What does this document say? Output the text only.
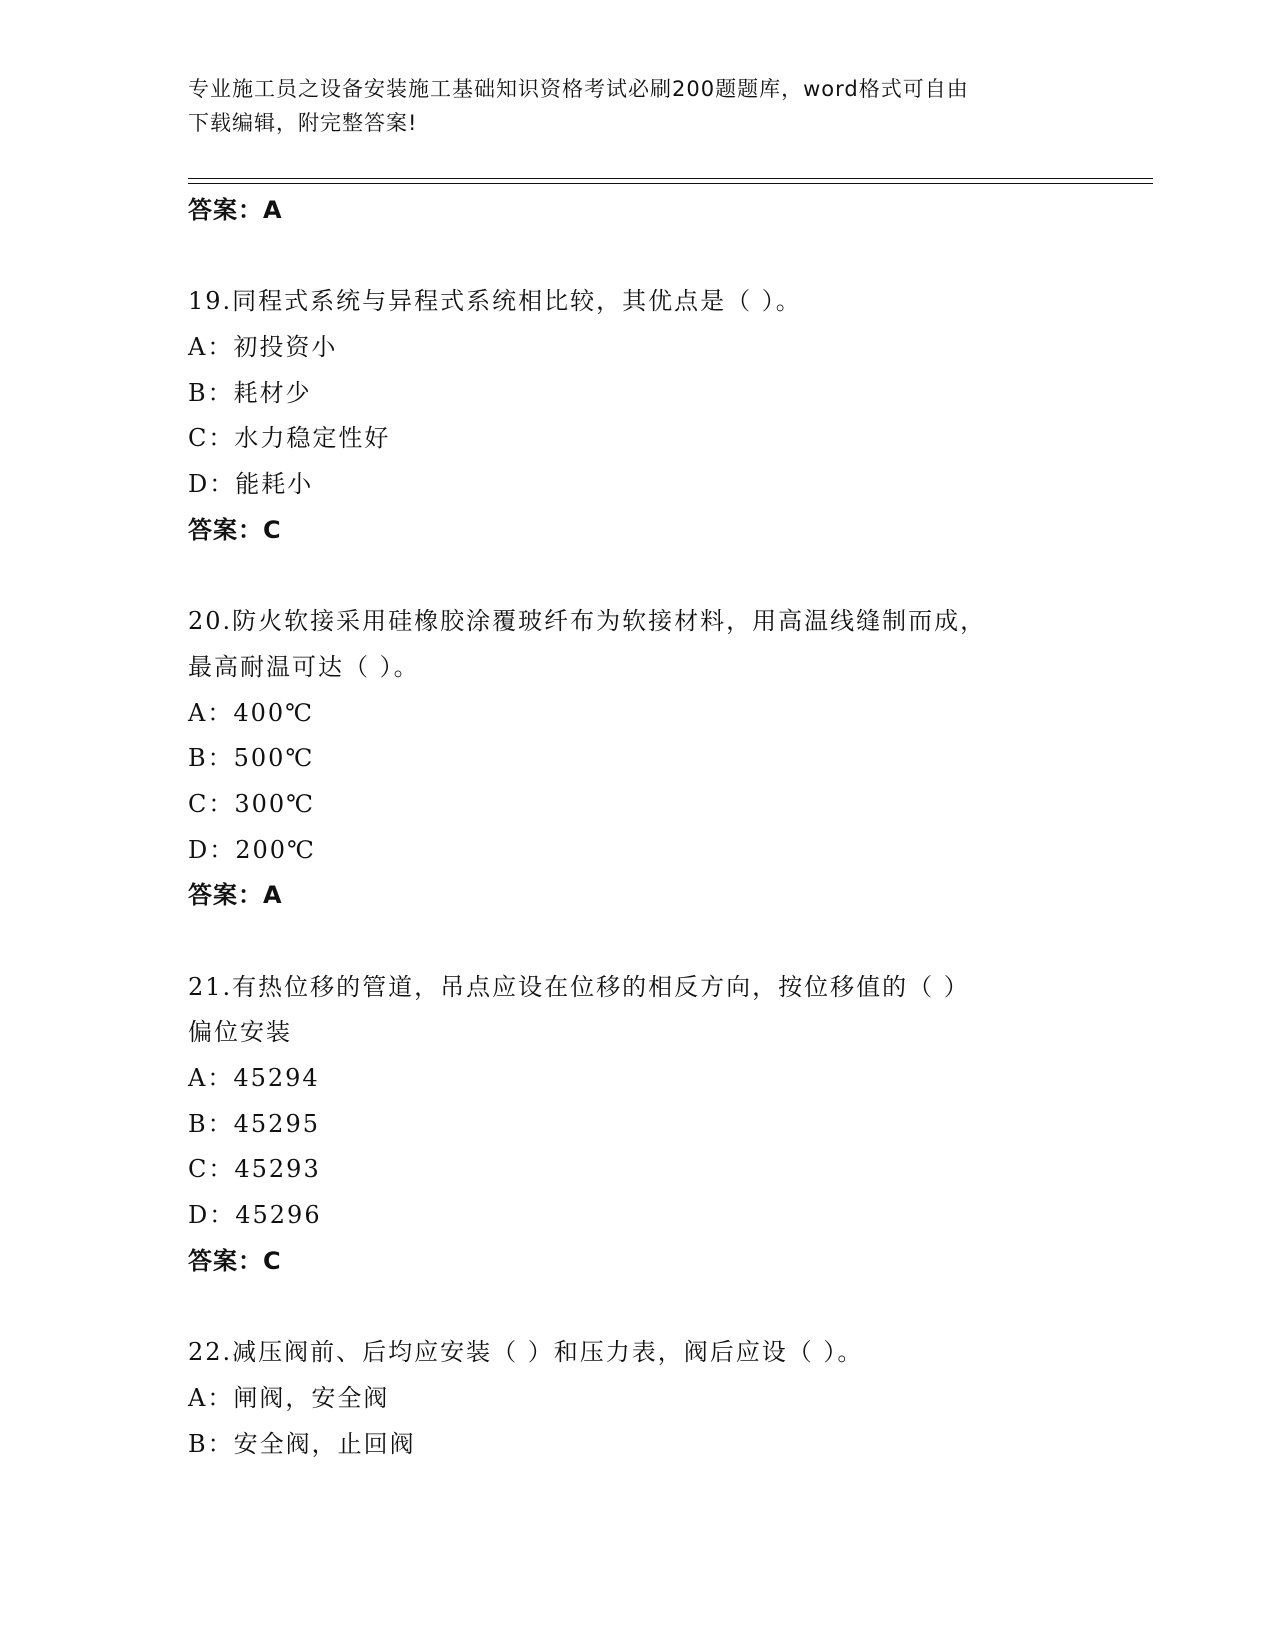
专业施工员之设备安装施工基础知识资格考试必刷200题题库，word格式可自由
下载编辑，附完整答案!
答案：A
19.同程式系统与异程式系统相比较，其优点是（ ）。
A：初投资小
B：耗材少
C：水力稳定性好
D：能耗小
答案：C
20.防火软接采用硅橡胶涂覆玻纤布为软接材料，用高温线缝制而成，
最高耐温可达（ ）。
A：400℃
B：500℃
C：300℃
D：200℃
答案：A
21.有热位移的管道，吊点应设在位移的相反方向，按位移值的（ ）
偏位安装
A：45294
B：45295
C：45293
D：45296
答案：C
22.减压阀前、后均应安装（ ）和压力表，阀后应设（ ）。
A：闸阀，安全阀
B：安全阀，止回阀
